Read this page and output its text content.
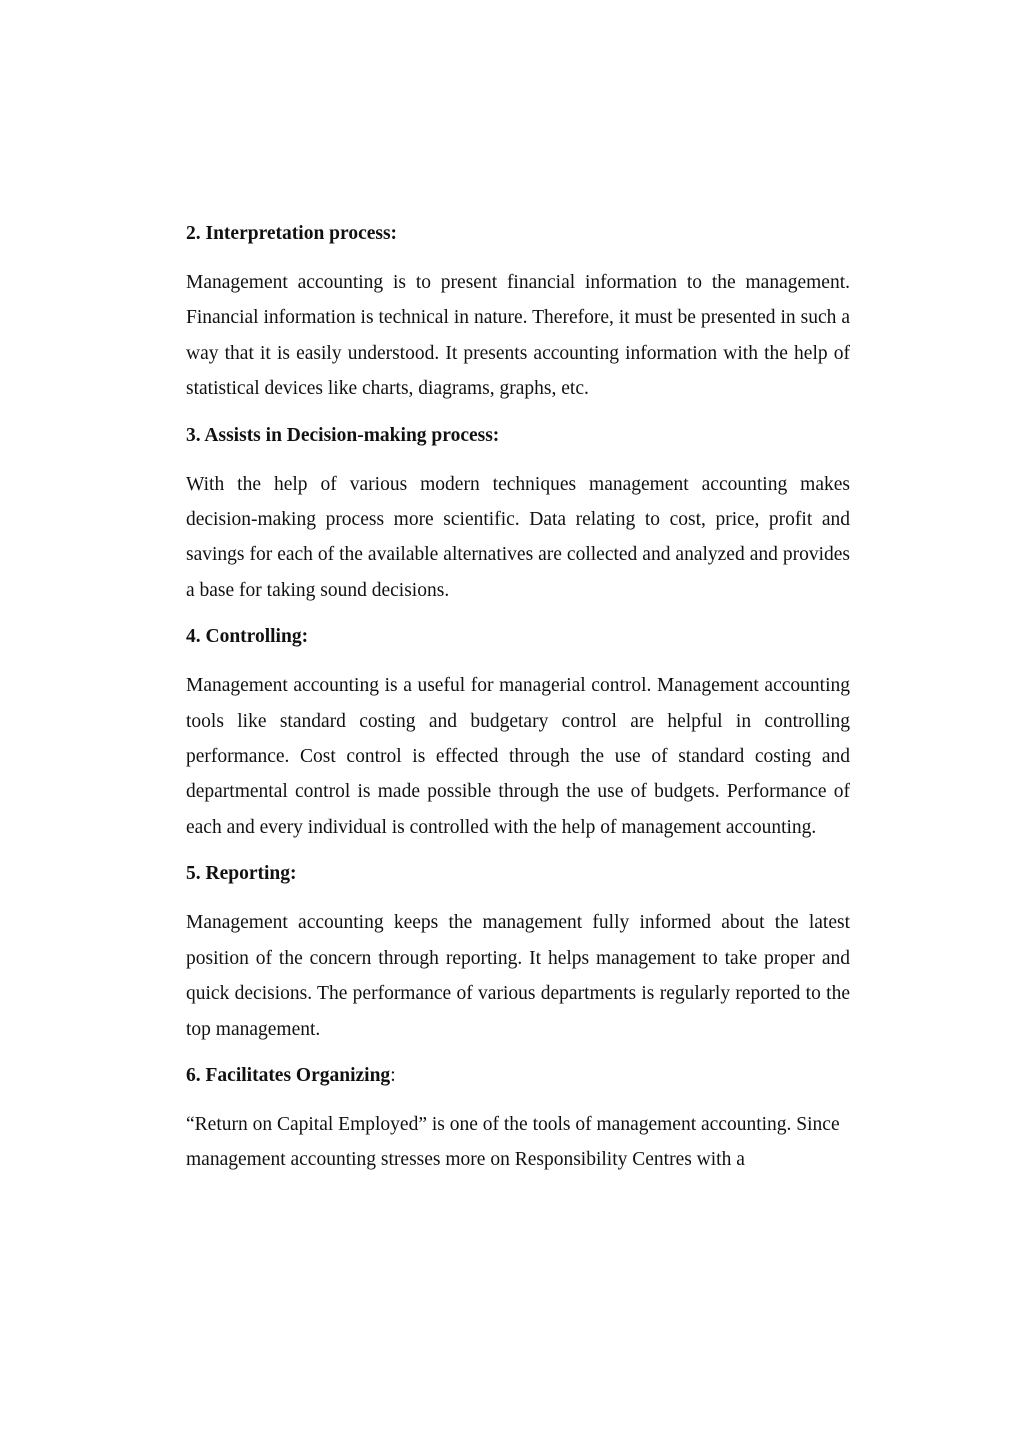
2. Interpretation process:

Management accounting is to present financial information to the management. Financial information is technical in nature. Therefore, it must be presented in such a way that it is easily understood. It presents accounting information with the help of statistical devices like charts, diagrams, graphs, etc.

3. Assists in Decision-making process:

With the help of various modern techniques management accounting makes decision-making process more scientific. Data relating to cost, price, profit and savings for each of the available alternatives are collected and analyzed and provides a base for taking sound decisions.

4. Controlling:

Management accounting is a useful for managerial control. Management accounting tools like standard costing and budgetary control are helpful in controlling performance. Cost control is effected through the use of standard costing and departmental control is made possible through the use of budgets. Performance of each and every individual is controlled with the help of management accounting.

5. Reporting:

Management accounting keeps the management fully informed about the latest position of the concern through reporting. It helps management to take proper and quick decisions. The performance of various departments is regularly reported to the top management.

6. Facilitates Organizing:

“Return on Capital Employed” is one of the tools of management accounting. Since management accounting stresses more on Responsibility Centres with a
